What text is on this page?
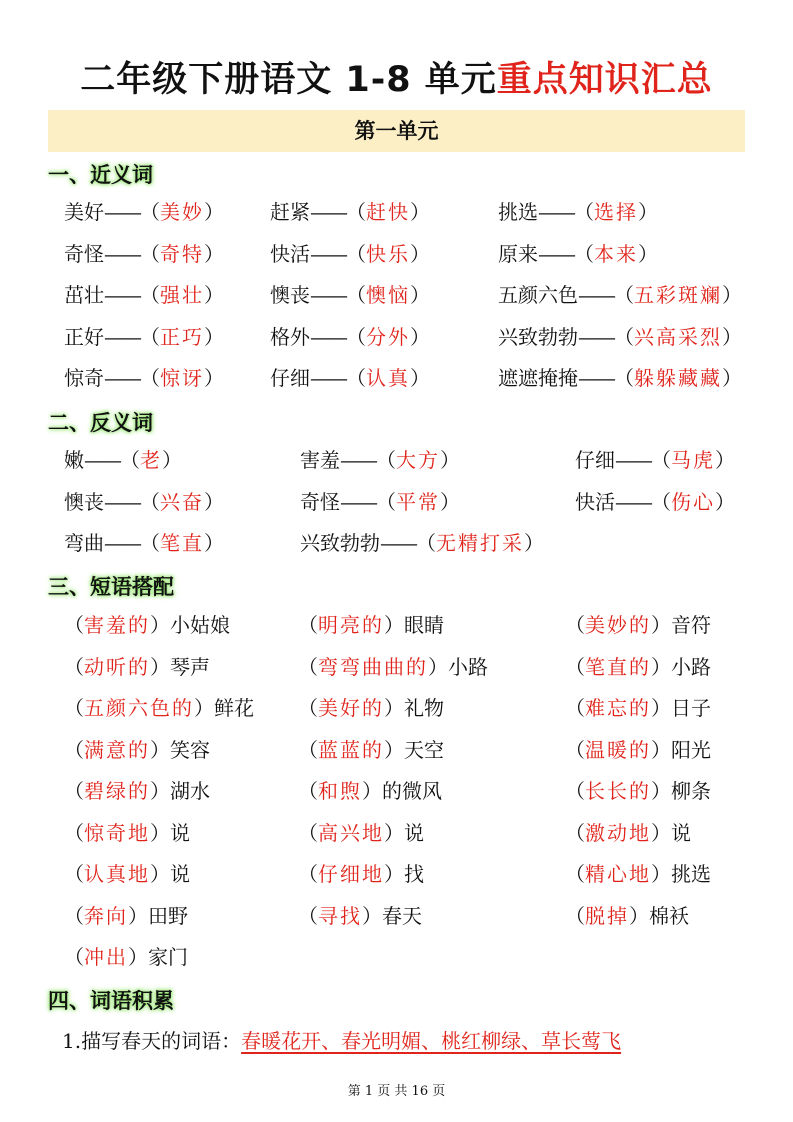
二年级下册语文 1-8 单元重点知识汇总
第一单元
一、近义词
美好——（美妙） 赶紧——（赶快）	挑选——（选择）
奇怪——（奇特） 快活——（快乐）	原来——（本来）
茁壮——（强壮） 懊丧——（懊恼）	五颜六色——（五彩斑斓）
正好——（正巧） 格外——（分外）	兴致勃勃——（兴高采烈）
惊奇——（惊讶） 仔细——（认真）	遮遮掩掩——（躲躲藏藏）
二、反义词
嫩——（老）	害羞——（大方）	仔细——（马虎）
懊丧——（兴奋）	奇怪——（平常）	快活——（伤心）
弯曲——（笔直）	兴致勃勃——（无精打采）
三、短语搭配
（害羞的）小姑娘	（明亮的）眼睛	（美妙的）音符
（动听的）琴声	（弯弯曲曲的）小路	（笔直的）小路
（五颜六色的）鲜花 （美好的）礼物	（难忘的）日子
（满意的）笑容	（蓝蓝的）天空	（温暖的）阳光
（碧绿的）湖水	（和煦）的微风	（长长的）柳条
（惊奇地）说	（高兴地）说	（激动地）说
（认真地）说	（仔细地）找	（精心地）挑选
（奔向）田野	（寻找）春天	（脱掉）棉袄
（冲出）家门
四、词语积累
1.描写春天的词语：春暖花开、春光明媚、桃红柳绿、草长莺飞
第 1 页 共 16 页
